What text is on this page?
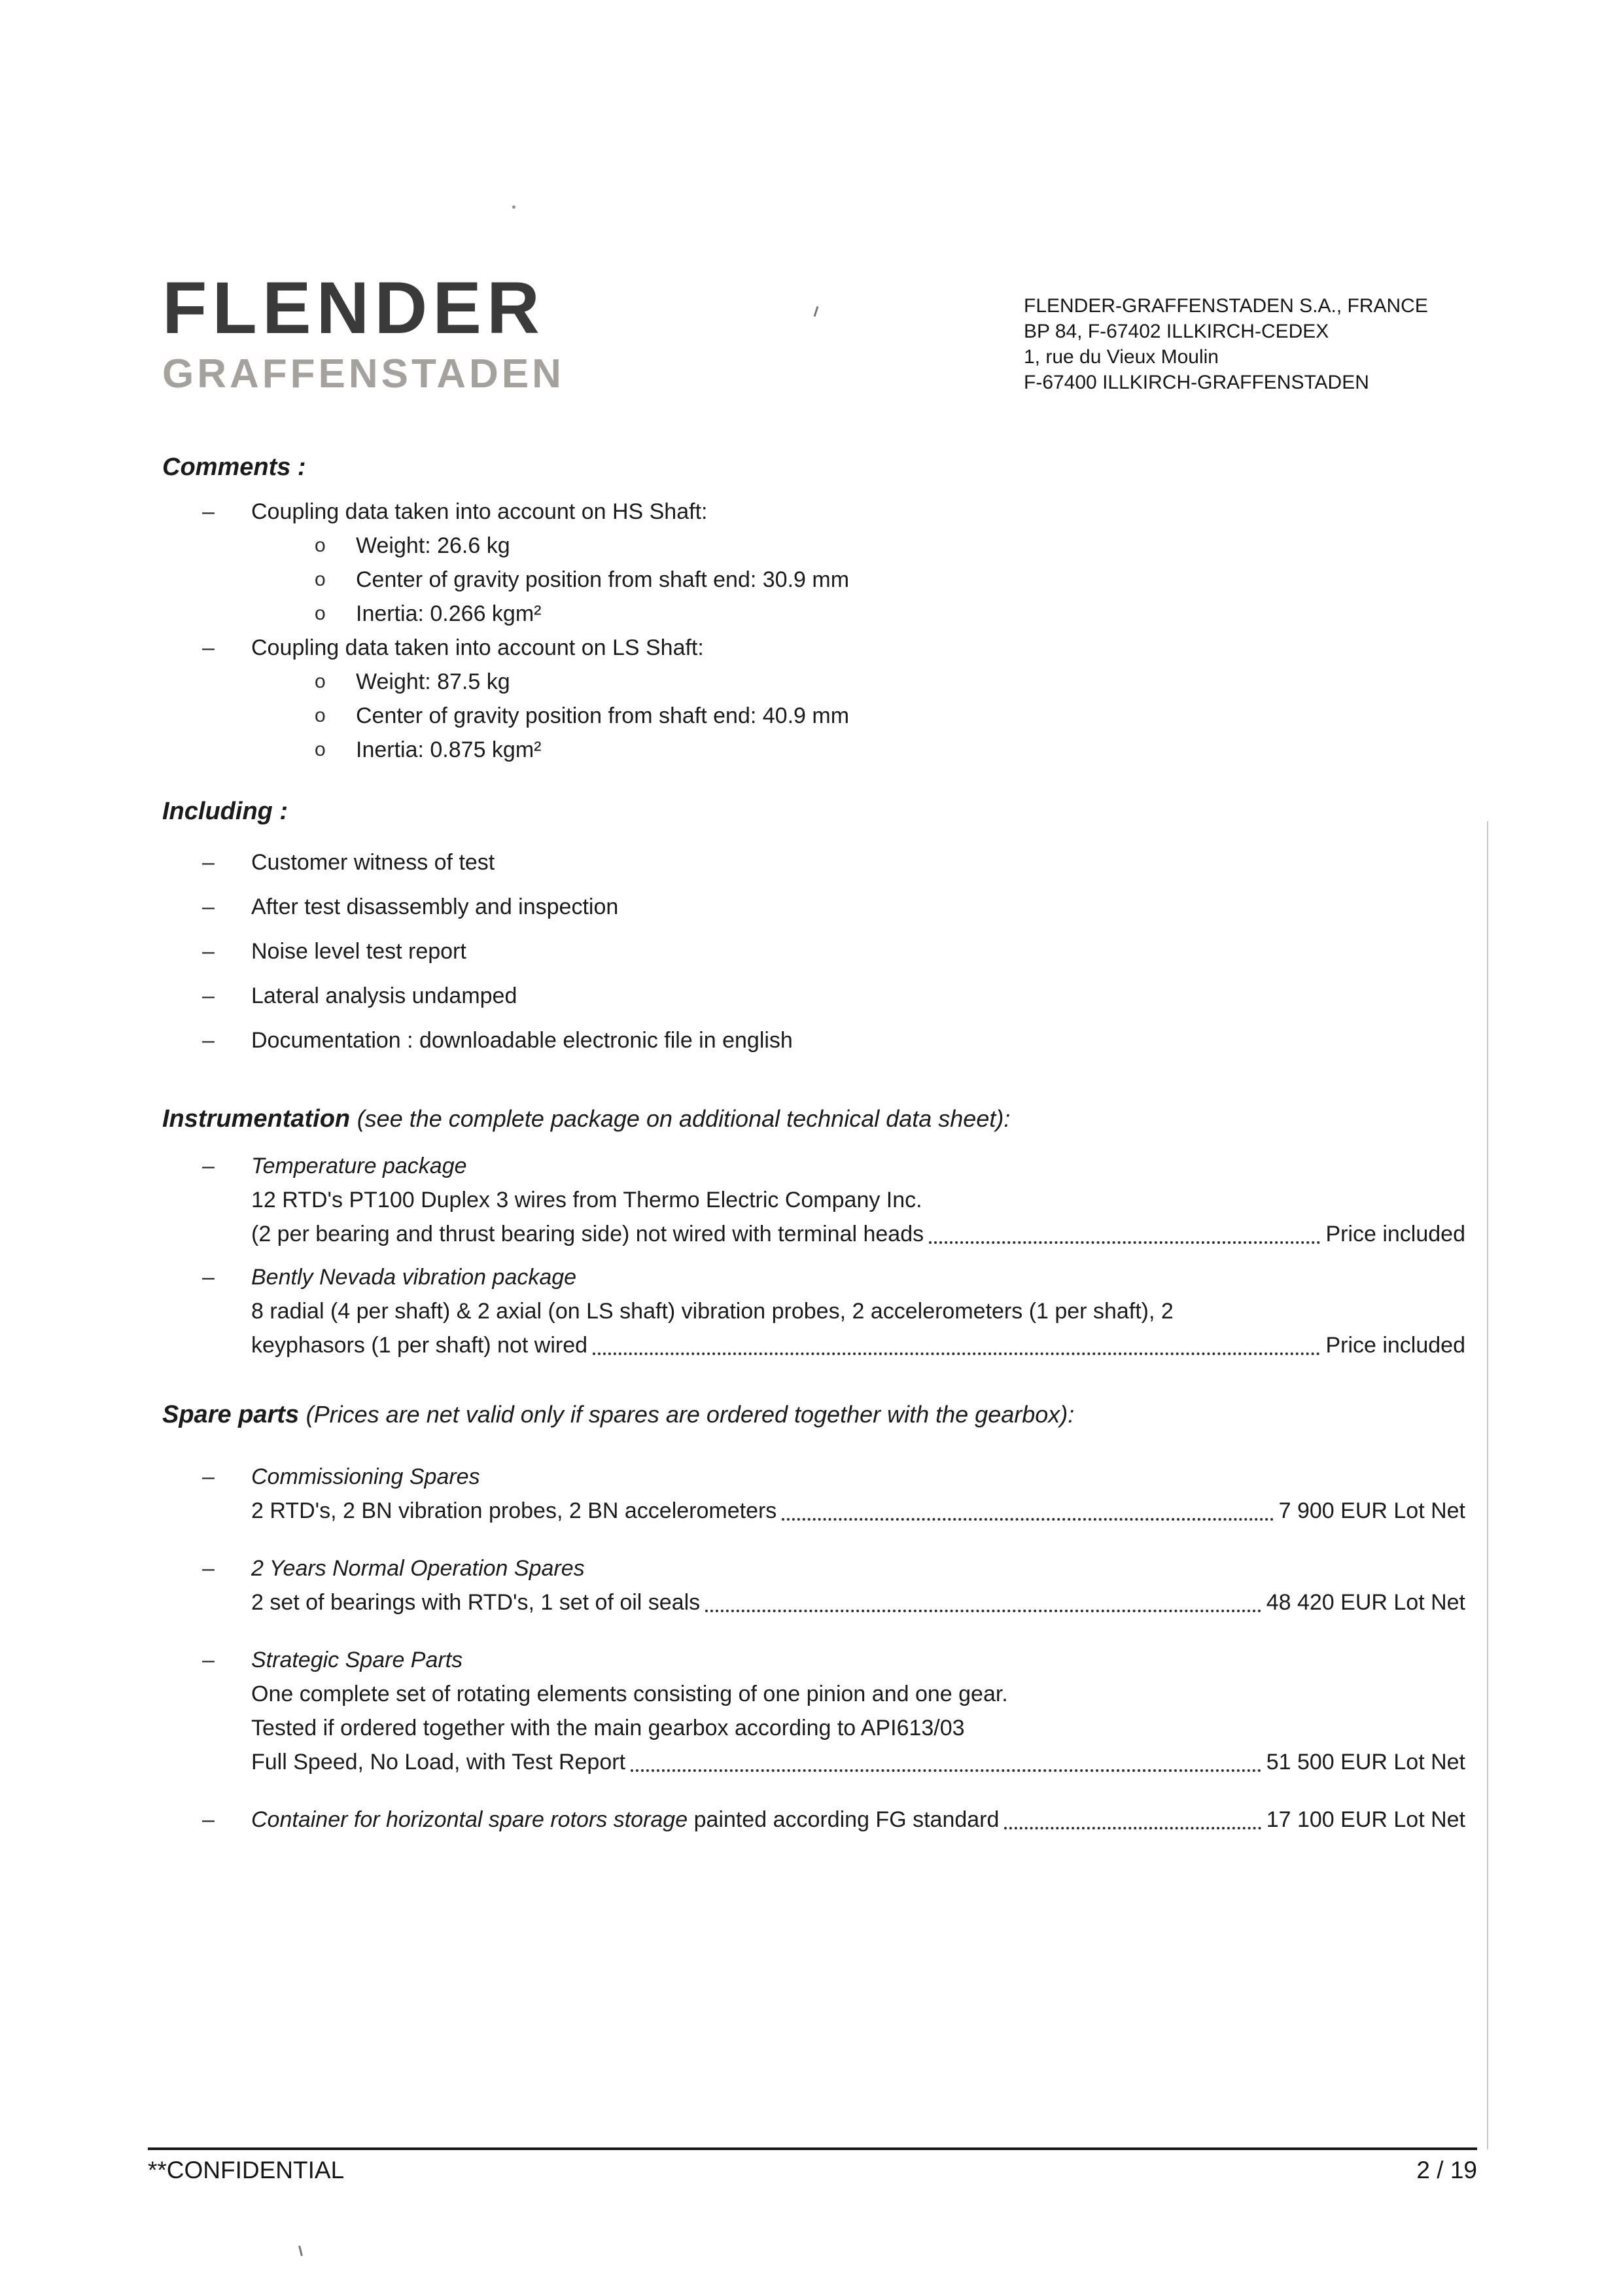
FLENDER
GRAFFENSTADEN
FLENDER-GRAFFENSTADEN S.A., FRANCE
BP 84, F-67402 ILLKIRCH-CEDEX
1, rue du Vieux Moulin
F-67400 ILLKIRCH-GRAFFENSTADEN
Comments :
– Coupling data taken into account on HS Shaft:
o Weight: 26.6 kg
o Center of gravity position from shaft end: 30.9 mm
o Inertia: 0.266 kgm²
– Coupling data taken into account on LS Shaft:
o Weight: 87.5 kg
o Center of gravity position from shaft end: 40.9 mm
o Inertia: 0.875 kgm²
Including :
– Customer witness of test
– After test disassembly and inspection
– Noise level test report
– Lateral analysis undamped
– Documentation : downloadable electronic file in english
Instrumentation (see the complete package on additional technical data sheet):
– Temperature package
12 RTD's PT100 Duplex 3 wires from Thermo Electric Company Inc.
(2 per bearing and thrust bearing side) not wired with terminal heads	Price included
– Bently Nevada vibration package
8 radial (4 per shaft) & 2 axial (on LS shaft) vibration probes, 2 accelerometers (1 per shaft), 2
keyphasors (1 per shaft) not wired	Price included
Spare parts (Prices are net valid only if spares are ordered together with the gearbox):
– Commissioning Spares
2 RTD's, 2 BN vibration probes, 2 BN accelerometers	7 900 EUR Lot Net
– 2 Years Normal Operation Spares
2 set of bearings with RTD's, 1 set of oil seals	48 420 EUR Lot Net
– Strategic Spare Parts
One complete set of rotating elements consisting of one pinion and one gear.
Tested if ordered together with the main gearbox according to API613/03
Full Speed, No Load, with Test Report	51 500 EUR Lot Net
– Container for horizontal spare rotors storage painted according FG standard	17 100 EUR Lot Net
**CONFIDENTIAL	2 / 19
